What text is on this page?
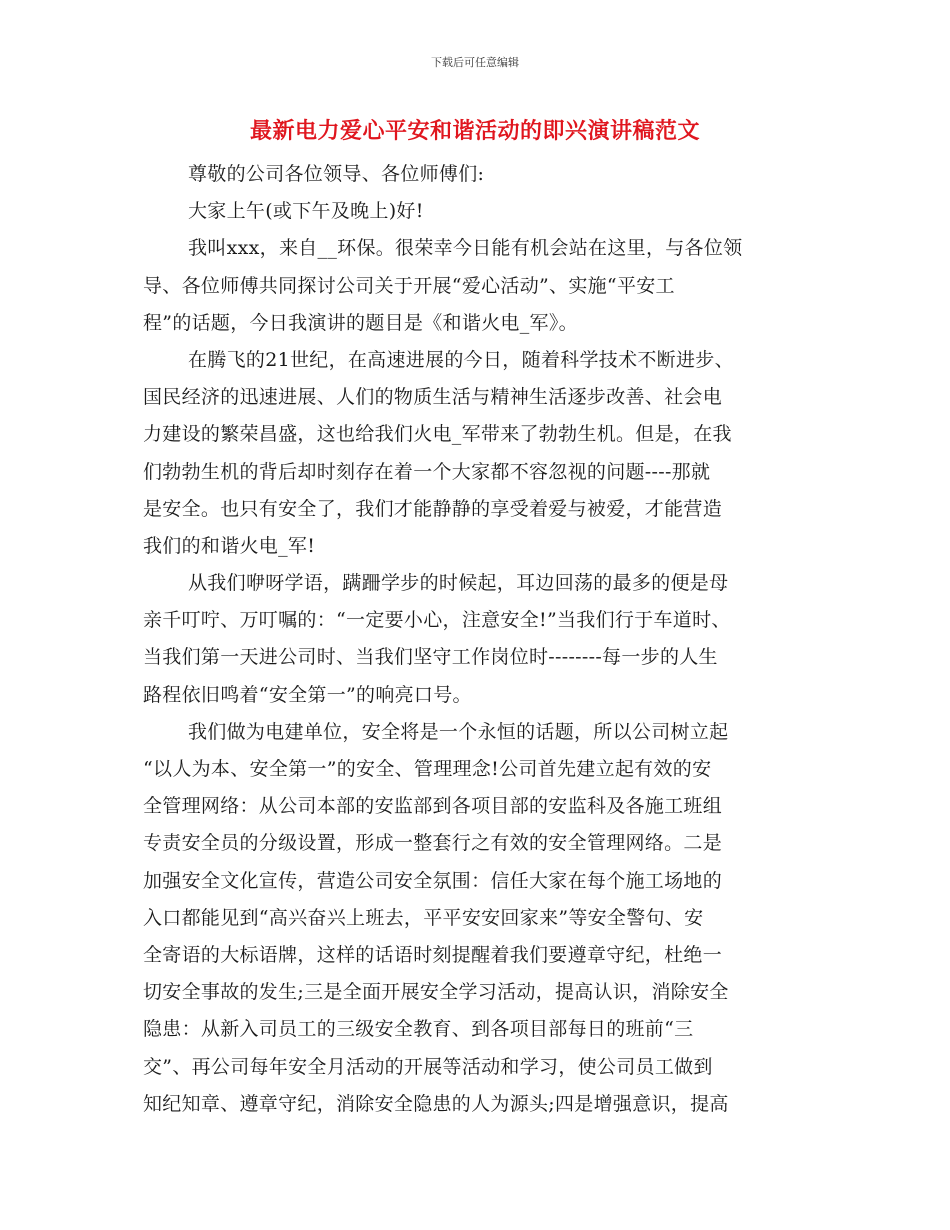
下载后可任意编辑
最新电力爱心平安和谐活动的即兴演讲稿范文
尊敬的公司各位领导、各位师傅们:
大家上午(或下午及晚上)好!
我叫xxx，来自__环保。很荣幸今日能有机会站在这里，与各位领
导、各位师傅共同探讨公司关于开展“爱心活动”、实施“平安工
程”的话题，今日我演讲的题目是《和谐火电_军》。
在腾飞的21世纪，在高速进展的今日，随着科学技术不断进步、
国民经济的迅速进展、人们的物质生活与精神生活逐步改善、社会电
力建设的繁荣昌盛，这也给我们火电_军带来了勃勃生机。但是，在我
们勃勃生机的背后却时刻存在着一个大家都不容忽视的问题----那就
是安全。也只有安全了，我们才能静静的享受着爱与被爱，才能营造
我们的和谐火电_军!
从我们咿呀学语，蹒跚学步的时候起，耳边回荡的最多的便是母
亲千叮咛、万叮嘱的：“一定要小心，注意安全!”当我们行于车道时、
当我们第一天进公司时、当我们坚守工作岗位时--------每一步的人生
路程依旧鸣着“安全第一”的响亮口号。
我们做为电建单位，安全将是一个永恒的话题，所以公司树立起
“以人为本、安全第一”的安全、管理理念!公司首先建立起有效的安
全管理网络：从公司本部的安监部到各项目部的安监科及各施工班组
专责安全员的分级设置，形成一整套行之有效的安全管理网络。二是
加强安全文化宣传，营造公司安全氛围：信任大家在每个施工场地的
入口都能见到“高兴奋兴上班去，平平安安回家来”等安全警句、安
全寄语的大标语牌，这样的话语时刻提醒着我们要遵章守纪，杜绝一
切安全事故的发生;三是全面开展安全学习活动，提高认识，消除安全
隐患：从新入司员工的三级安全教育、到各项目部每日的班前“三
交”、再公司每年安全月活动的开展等活动和学习，使公司员工做到
知纪知章、遵章守纪，消除安全隐患的人为源头;四是增强意识，提高
